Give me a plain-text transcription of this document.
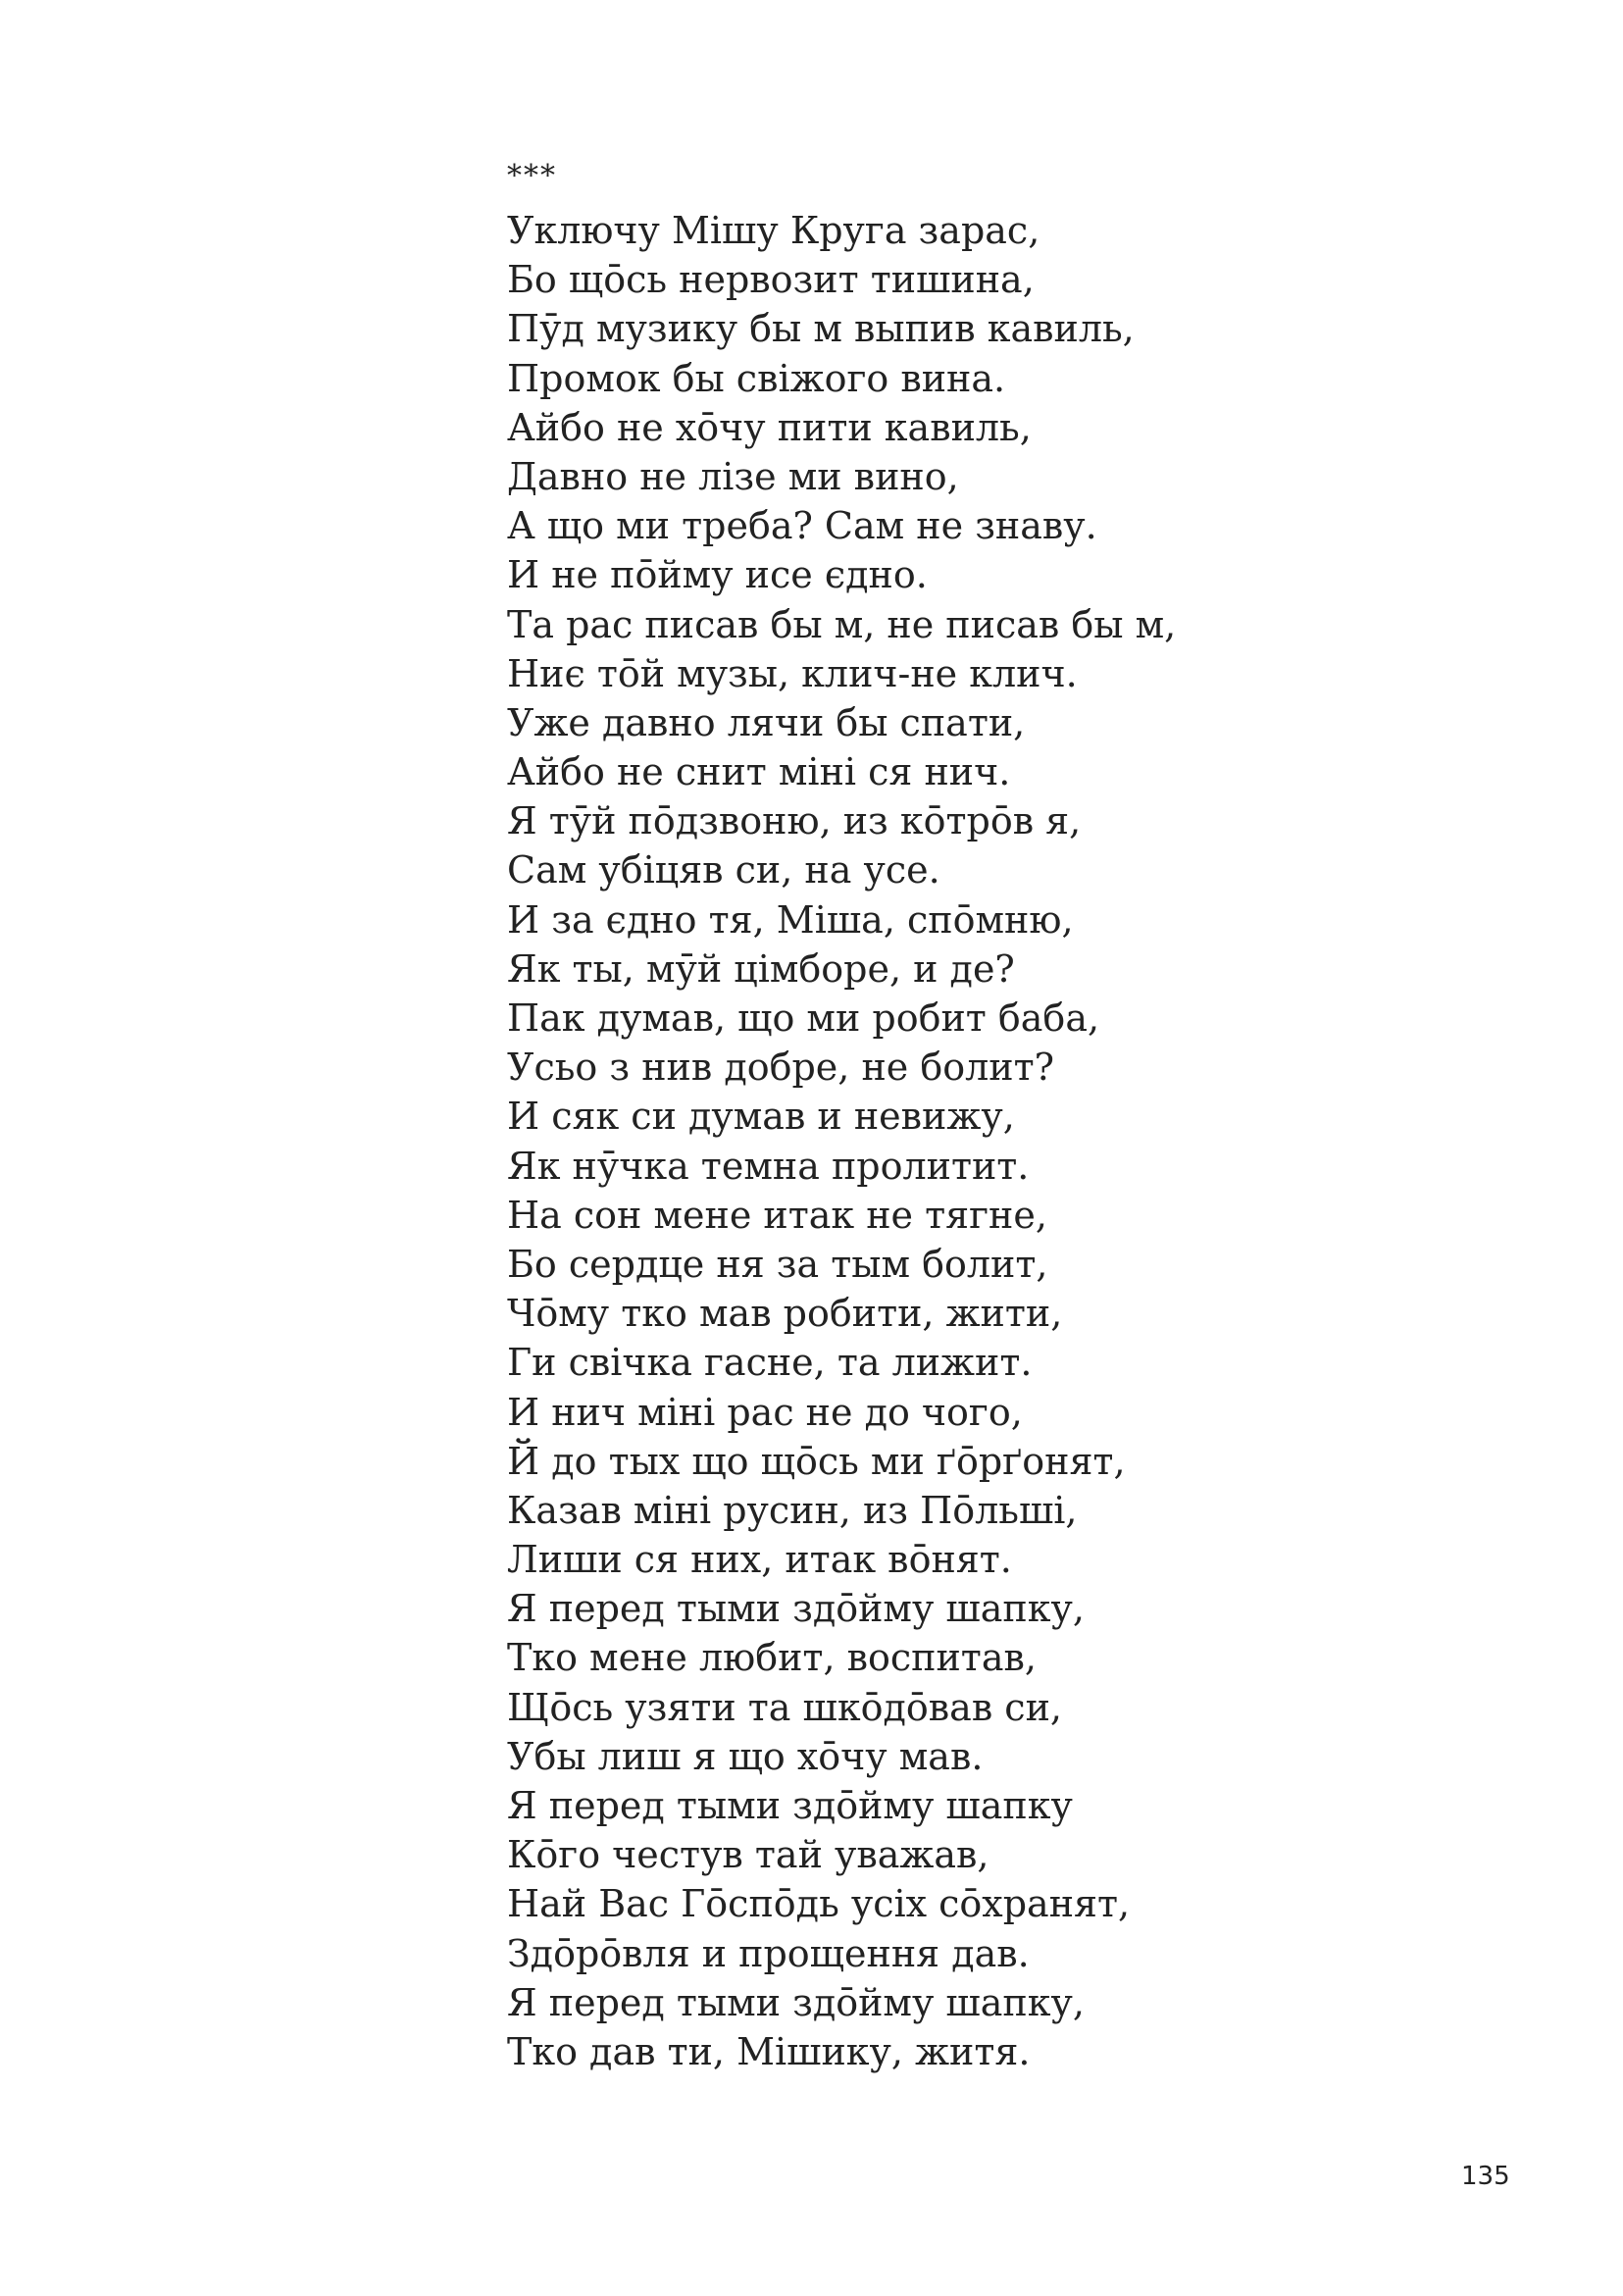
***
Уключу Мішу Круга зарас,
Бо що̄сь нервозит тишина,
Пӯд музику бы м выпив кавиль,
Промок бы свіжого вина.
Айбо не хо̄чу пити кавиль,
Давно не лізе ми вино,
А що ми треба? Сам не знаву.
И не по̄йму исе єдно.
Та рас писав бы м, не писав бы м,
Ниє то̄й музы, клич-не клич.
Уже давно лячи бы спати,
Айбо не снит міні ся нич.
Я тӯй по̄дзвоню, из ко̄тро̄в я,
Сам убіцяв си, на усе.
И за єдно тя, Міша, спо̄мню,
Як ты, мӯй цімборе, и де?
Пак думав, що ми робит баба,
Усьо з нив добре, не болит?
И сяк си думав и невижу,
Як нӯчка темна пролитит.
На сон мене итак не тягне,
Бо сердце ня за тым болит,
Чо̄му тко мав робити, жити,
Ги свічка гасне, та лижит.
И нич міні рас не до чого,
Й до тых що що̄сь ми ґо̄рґонят,
Казав міні русин, из По̄льші,
Лиши ся них, итак во̄нят.
Я перед тыми здо̄йму шапку,
Тко мене любит, воспитав,
Що̄сь узяти та шко̄до̄вав си,
Убы лиш я що хо̄чу мав.
Я перед тыми здо̄йму шапку
Ко̄го честув тай уважав,
Най Вас Го̄спо̄дь усіх со̄хранят,
Здо̄ро̄вля и прощення дав.
Я перед тыми здо̄йму шапку,
Тко дав ти, Мішику, житя.
135
